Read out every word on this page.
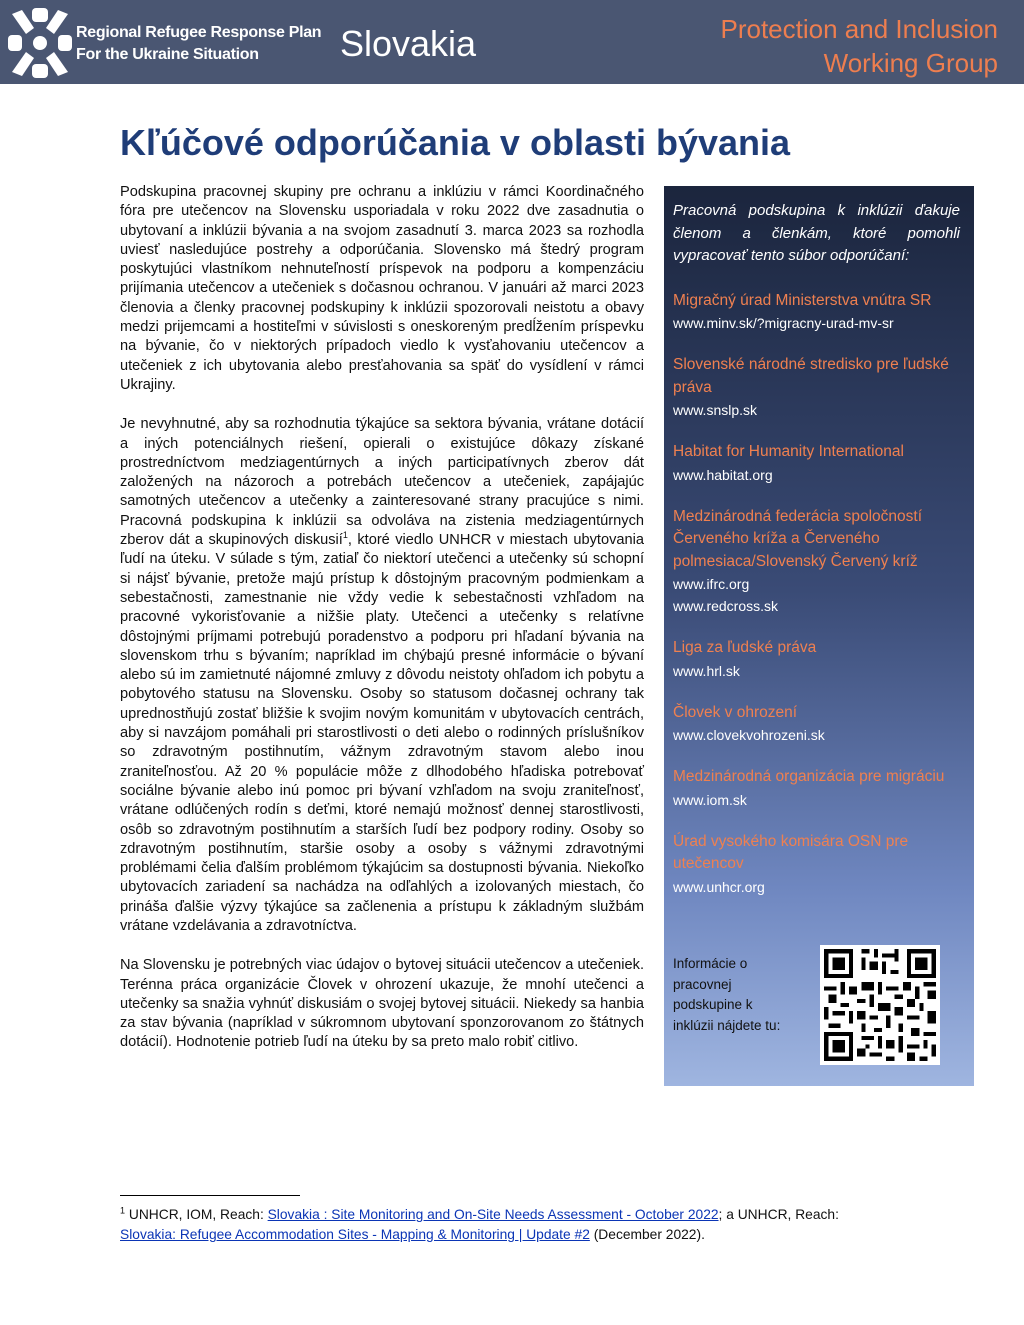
Regional Refugee Response Plan
For the Ukraine Situation	Slovakia	Protection and Inclusion
Working Group
Kľúčové odporúčania v oblasti bývania

Podskupina pracovnej skupiny pre ochranu a inklúziu v rámci Koordinačného fóra pre utečencov na Slovensku usporiadala v roku 2022 dve zasadnutia o ubytovaní a inklúzii bývania a na svojom zasadnutí 3. marca 2023 sa rozhodla uviesť nasledujúce postrehy a odporúčania. Slovensko má štedrý program poskytujúci vlastníkom nehnuteľností príspevok na podporu a kompenzáciu prijímania utečencov a utečeniek s dočasnou ochranou. V januári až marci 2023 členovia a členky pracovnej podskupiny k inklúzii spozorovali neistotu a obavy medzi prijemcami a hostiteľmi v súvislosti s oneskoreným predĺžením príspevku na bývanie, čo v niektorých prípadoch viedlo k vysťahovaniu utečencov a utečeniek z ich ubytovania alebo presťahovania sa späť do vysídlení v rámci Ukrajiny.

Je nevyhnutné, aby sa rozhodnutia týkajúce sa sektora bývania, vrátane dotácií a iných potenciálnych riešení, opierali o existujúce dôkazy získané prostredníctvom medziagentúrnych a iných participatívnych zberov dát založených na názoroch a potrebách utečencov a utečeniek, zapájajúc samotných utečencov a utečenky a zainteresované strany pracujúce s nimi. Pracovná podskupina k inklúzii sa odvoláva na zistenia medziagentúrnych zberov dát a skupinových diskusií$^1$, ktoré viedlo UNHCR v miestach ubytovania ľudí na úteku. V súlade s tým, zatiaľ čo niektorí utečenci a utečenky sú schopní si nájsť bývanie, pretože majú prístup k dôstojným pracovným podmienkam a sebestačnosti, zamestnanie nie vždy vedie k sebestačnosti vzhľadom na pracovné vykorisťovanie a nižšie platy. Utečenci a utečenky s relatívne dôstojnými príjmami potrebujú poradenstvo a podporu pri hľadaní bývania na slovenskom trhu s bývaním; napríklad im chýbajú presné informácie o bývaní alebo sú im zamietnuté nájomné zmluvy z dôvodu neistoty ohľadom ich pobytu a pobytového statusu na Slovensku. Osoby so statusom dočasnej ochrany tak uprednostňujú zostať bližšie k svojim novým komunitám v ubytovacích centrách, aby si navzájom pomáhali pri starostlivosti o deti alebo o rodinných príslušníkov so zdravotným postihnutím, vážnym zdravotným stavom alebo inou zraniteľnosťou. Až 20 % populácie môže z dlhodobého hľadiska potrebovať sociálne bývanie alebo inú pomoc pri bývaní vzhľadom na svoju zraniteľnosť, vrátane odlúčených rodín s deťmi, ktoré nemajú možnosť dennej starostlivosti, osôb so zdravotným postihnutím a starších ľudí bez podpory rodiny. Osoby so zdravotným postihnutím, staršie osoby a osoby s vážnymi zdravotnými problémami čelia ďalším problémom týkajúcim sa dostupnosti bývania. Niekoľko ubytovacích zariadení sa nachádza na odľahlých a izolovaných miestach, čo prináša ďalšie výzvy týkajúce sa začlenenia a prístupu k základným službám vrátane vzdelávania a zdravotníctva.

Na Slovensku je potrebných viac údajov o bytovej situácii utečencov a utečeniek. Terénna práca organizácie Človek v ohrození ukazuje, že mnohí utečenci a utečenky sa snažia vyhnúť diskusiám o svojej bytovej situácii. Niekedy sa hanbia za stav bývania (napríklad v súkromnom ubytovaní sponzorovanom zo štátnych dotácií). Hodnotenie potrieb ľudí na úteku by sa preto malo robiť citlivo.

Pracovná podskupina k inklúzii ďakuje členom a členkám, ktoré pomohli vypracovať tento súbor odporúčaní:

Migračný úrad Ministerstva vnútra SR
www.minv.sk/?migracny-urad-mv-sr
Slovenské národné stredisko pre ľudské práva
www.snslp.sk
Habitat for Humanity International
www.habitat.org
Medzinárodná federácia spoločností Červeného kríža a Červeného polmesiaca/Slovenský Červený kríž
www.ifrc.org
www.redcross.sk
Liga za ľudské práva
www.hrl.sk
Človek v ohrození
www.clovekvohrozeni.sk
Medzinárodná organizácia pre migráciu
www.iom.sk
Úrad vysokého komisára OSN pre utečencov
www.unhcr.org
Informácie o pracovnej podskupine k inklúzii nájdete tu:
$^1$ UNHCR, IOM, Reach: Slovakia : Site Monitoring and On-Site Needs Assessment - October 2022; a UNHCR, Reach: Slovakia: Refugee Accommodation Sites - Mapping & Monitoring | Update #2 (December 2022).
